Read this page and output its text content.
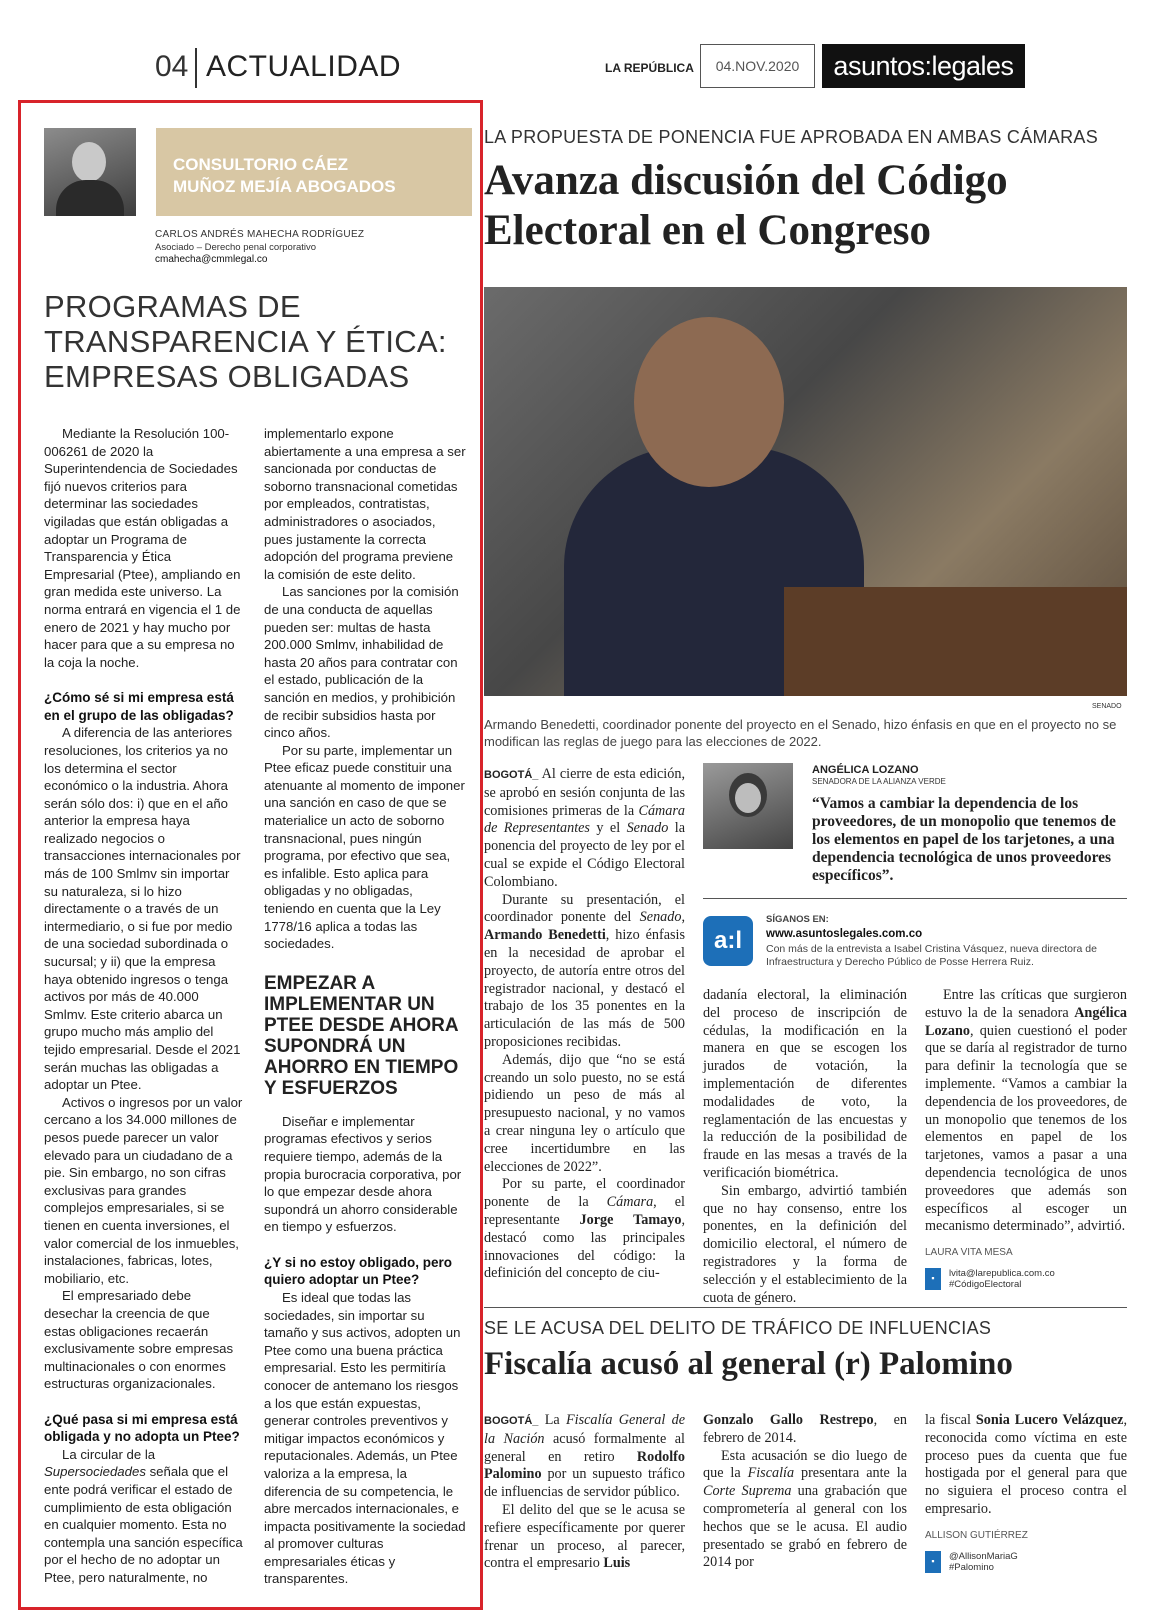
04 ACTUALIDAD	LA REPÚBLICA	04.NOV.2020	asuntos:legales
CONSULTORIO CÁEZ
MUÑOZ MEJÍA ABOGADOS
CARLOS ANDRÉS MAHECHA RODRÍGUEZ
Asociado – Derecho penal corporativo
cmahecha@cmmlegal.co
PROGRAMAS DE TRANSPARENCIA Y ÉTICA: EMPRESAS OBLIGADAS

Mediante la Resolución 100-006261 de 2020 la Superintendencia de Sociedades fijó nuevos criterios para determinar las sociedades vigiladas que están obligadas a adoptar un Programa de Transparencia y Ética Empresarial (Ptee), ampliando en gran medida este universo. La norma entrará en vigencia el 1 de enero de 2021 y hay mucho por hacer para que a su empresa no la coja la noche.

¿Cómo sé si mi empresa está en el grupo de las obligadas?

A diferencia de las anteriores resoluciones, los criterios ya no los determina el sector económico o la industria. Ahora serán sólo dos: i) que en el año anterior la empresa haya realizado negocios o transacciones internacionales por más de 100 Smlmv sin importar su naturaleza, si lo hizo directamente o a través de un intermediario, o si fue por medio de una sociedad subordinada o sucursal; y ii) que la empresa haya obtenido ingresos o tenga activos por más de 40.000 Smlmv. Este criterio abarca un grupo mucho más amplio del tejido empresarial. Desde el 2021 serán muchas las obligadas a adoptar un Ptee.

Activos o ingresos por un valor cercano a los 34.000 millones de pesos puede parecer un valor elevado para un ciudadano de a pie. Sin embargo, no son cifras exclusivas para grandes complejos empresariales, si se tienen en cuenta inversiones, el valor comercial de los inmuebles, instalaciones, fabricas, lotes, mobiliario, etc.

El empresariado debe desechar la creencia de que estas obligaciones recaerán exclusivamente sobre empresas multinacionales o con enormes estructuras organizacionales.

¿Qué pasa si mi empresa está obligada y no adopta un Ptee?

La circular de la Supersociedades señala que el ente podrá verificar el estado de cumplimiento de esta obligación en cualquier momento. Esta no contempla una sanción específica por el hecho de no adoptar un Ptee, pero naturalmente, no

implementarlo expone abiertamente a una empresa a ser sancionada por conductas de soborno transnacional cometidas por empleados, contratistas, administradores o asociados, pues justamente la correcta adopción del programa previene la comisión de este delito.

Las sanciones por la comisión de una conducta de aquellas pueden ser: multas de hasta 200.000 Smlmv, inhabilidad de hasta 20 años para contratar con el estado, publicación de la sanción en medios, y prohibición de recibir subsidios hasta por cinco años.

Por su parte, implementar un Ptee eficaz puede constituir una atenuante al momento de imponer una sanción en caso de que se materialice un acto de soborno transnacional, pues ningún programa, por efectivo que sea, es infalible. Esto aplica para obligadas y no obligadas, teniendo en cuenta que la Ley 1778/16 aplica a todas las sociedades.

EMPEZAR A IMPLEMENTAR UN PTEE DESDE AHORA SUPONDRÁ UN AHORRO EN TIEMPO Y ESFUERZOS

Diseñar e implementar programas efectivos y serios requiere tiempo, además de la propia burocracia corporativa, por lo que empezar desde ahora supondrá un ahorro considerable en tiempo y esfuerzos.

¿Y si no estoy obligado, pero quiero adoptar un Ptee?

Es ideal que todas las sociedades, sin importar su tamaño y sus activos, adopten un Ptee como una buena práctica empresarial. Esto les permitiría conocer de antemano los riesgos a los que están expuestas, generar controles preventivos y mitigar impactos económicos y reputacionales. Además, un Ptee valoriza a la empresa, la diferencia de su competencia, le abre mercados internacionales, e impacta positivamente la sociedad al promover culturas empresariales éticas y transparentes.

LA PROPUESTA DE PONENCIA FUE APROBADA EN AMBAS CÁMARAS
Avanza discusión del Código Electoral en el Congreso
SENADO
Armando Benedetti, coordinador ponente del proyecto en el Senado, hizo énfasis en que en el proyecto no se modifican las reglas de juego para las elecciones de 2022.

BOGOTÁ_ Al cierre de esta edición, se aprobó en sesión conjunta de las comisiones primeras de la Cámara de Representantes y el Senado la ponencia del proyecto de ley por el cual se expide el Código Electoral Colombiano.

Durante su presentación, el coordinador ponente del Senado, Armando Benedetti, hizo énfasis en la necesidad de aprobar el proyecto, de autoría entre otros del registrador nacional, y destacó el trabajo de los 35 ponentes en la articulación de las más de 500 proposiciones recibidas.

Además, dijo que “no se está creando un solo puesto, no se está pidiendo un peso de más al presupuesto nacional, y no vamos a crear ninguna ley o artículo que cree incertidumbre en las elecciones de 2022”.

Por su parte, el coordinador ponente de la Cámara, el representante Jorge Tamayo, destacó como las principales innovaciones del código: la definición del concepto de ciu-

ANGÉLICA LOZANO
SENADORA DE LA ALIANZA VERDE
“Vamos a cambiar la dependencia de los proveedores, de un monopolio que tenemos de los elementos en papel de los tarjetones, a una dependencia tecnológica de unos proveedores específicos”.
a:l
SÍGANOS EN:
www.asuntoslegales.com.co
Con más de la entrevista a Isabel Cristina Vásquez, nueva directora de Infraestructura y Derecho Público de Posse Herrera Ruiz.

dadanía electoral, la eliminación del proceso de inscripción de cédulas, la modificación en la manera en que se escogen los jurados de votación, la implementación de diferentes modalidades de voto, la reglamentación de las encuestas y la reducción de la posibilidad de fraude en las mesas a través de la verificación biométrica.

Sin embargo, advirtió también que no hay consenso, entre los ponentes, en la definición del domicilio electoral, el número de registradores y la forma de selección y el establecimiento de la cuota de género.

Entre las críticas que surgieron estuvo la de la senadora Angélica Lozano, quien cuestionó el poder que se daría al registrador de turno para definir la tecnología que se implemente. “Vamos a cambiar la dependencia de los proveedores, de un monopolio que tenemos de los elementos en papel de los tarjetones, vamos a pasar a una dependencia tecnológica de unos proveedores que además son específicos al escoger un mecanismo determinado”, advirtió.

LAURA VITA MESA
▪	lvita@larepublica.com.co
#CódigoElectoral
SE LE ACUSA DEL DELITO DE TRÁFICO DE INFLUENCIAS
Fiscalía acusó al general (r) Palomino

BOGOTÁ_ La Fiscalía General de la Nación acusó formalmente al general en retiro Rodolfo Palomino por un supuesto tráfico de influencias de servidor público.

El delito del que se le acusa se refiere específicamente por querer frenar un proceso, al parecer, contra el empresario Luis

Gonzalo Gallo Restrepo, en febrero de 2014.

Esta acusación se dio luego de que la Fiscalía presentara ante la Corte Suprema una grabación que comprometería al general con los hechos que se le acusa. El audio presentado se grabó en febrero de 2014 por

la fiscal Sonia Lucero Velázquez, reconocida como víctima en este proceso pues da cuenta que fue hostigada por el general para que no siguiera el proceso contra el empresario.

ALLISON GUTIÉRREZ
▪	@AllisonMariaG
#Palomino
